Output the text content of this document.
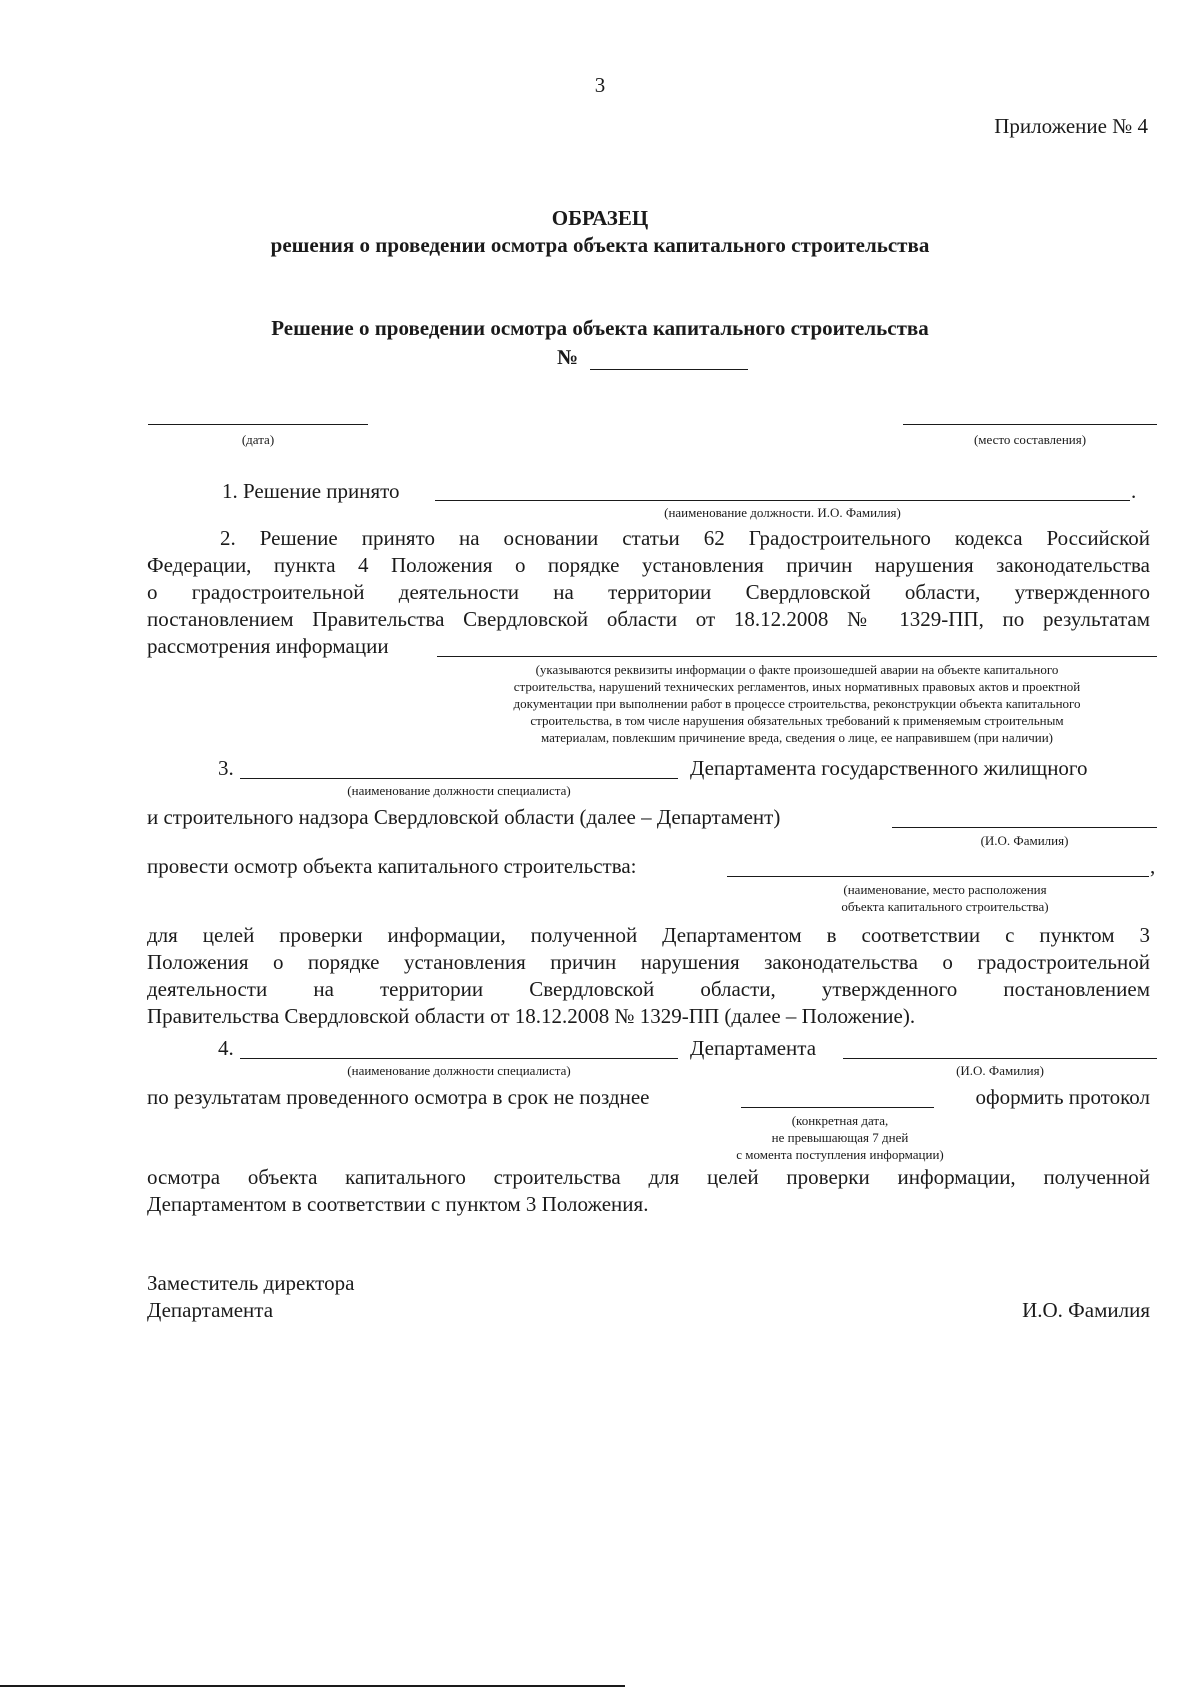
3
Приложение № 4
ОБРАЗЕЦ
решения о проведении осмотра объекта капитального строительства
Решение о проведении осмотра объекта капитального строительства
№
(дата)	(место составления)
1. Решение принято	.
(наименование должности. И.О. Фамилия)
2. Решение принято на основании статьи 62 Градостроительного кодекса Российской
Федерации, пункта 4 Положения о порядке установления причин нарушения законодательства
о градостроительной деятельности на территории Свердловской области, утвержденного
постановлением Правительства Свердловской области от 18.12.2008 № 1329-ПП, по результатам
рассмотрения информации
(указываются реквизиты информации о факте произошедшей аварии на объекте капитального
строительства, нарушений технических регламентов, иных нормативных правовых актов и проектной
документации при выполнении работ в процессе строительства, реконструкции объекта капитального
строительства, в том числе нарушения обязательных требований к применяемым строительным
материалам, повлекшим причинение вреда, сведения о лице, ее направившем (при наличии)
3.	Департамента государственного жилищного
(наименование должности специалиста)
и строительного надзора Свердловской области (далее – Департамент)
(И.О. Фамилия)
провести осмотр объекта капитального строительства:	,
(наименование, место расположения
объекта капитального строительства)
для целей проверки информации, полученной Департаментом в соответствии с пунктом 3
Положения о порядке установления причин нарушения законодательства о градостроительной
деятельности на территории Свердловской области, утвержденного постановлением
Правительства Свердловской области от 18.12.2008 № 1329-ПП (далее – Положение).
4.	Департамента
(наименование должности специалиста)	(И.О. Фамилия)
по результатам проведенного осмотра в срок не позднее	оформить протокол
(конкретная дата,
не превышающая 7 дней
с момента поступления информации)
осмотра объекта капитального строительства для целей проверки информации, полученной
Департаментом в соответствии с пунктом 3 Положения.
Заместитель директора
Департамента	И.О. Фамилия
